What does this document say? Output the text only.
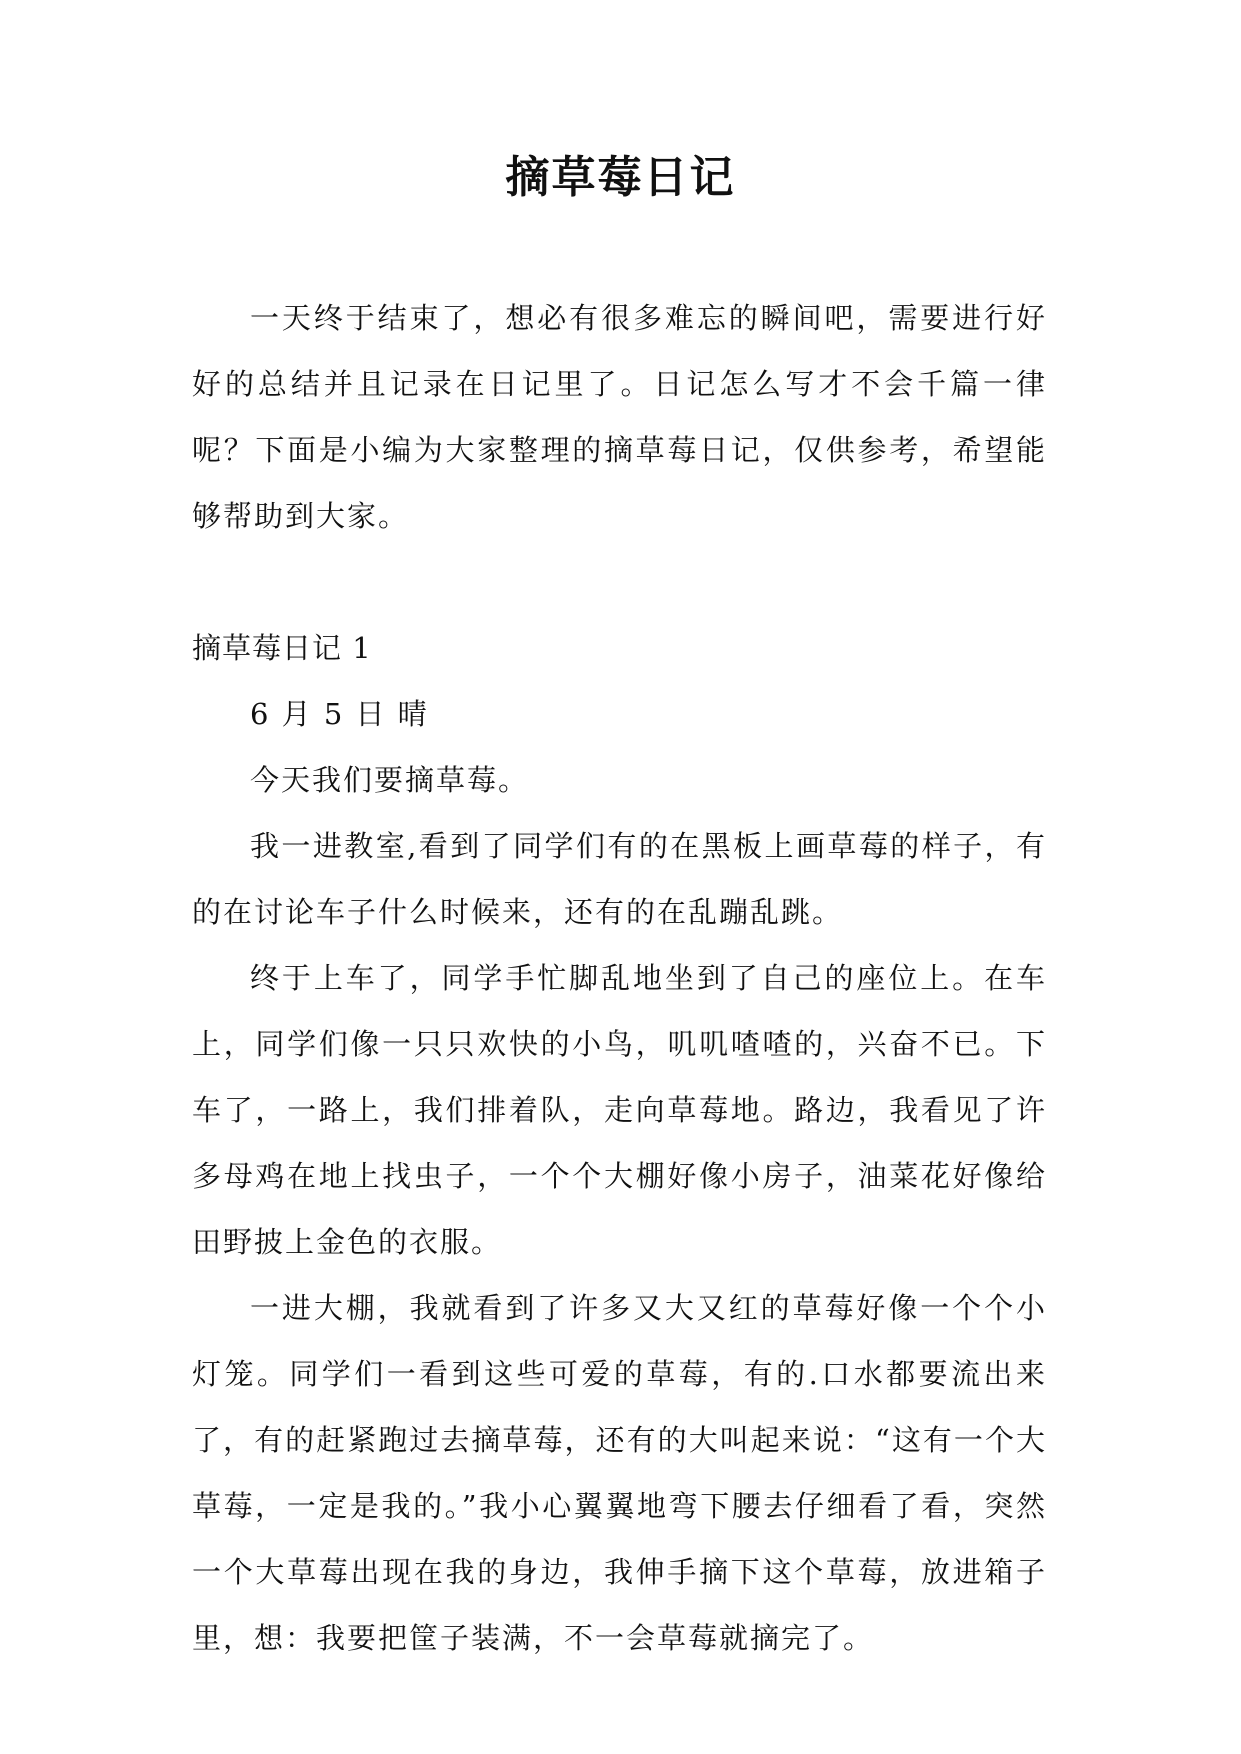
摘草莓日记

一天终于结束了，想必有很多难忘的瞬间吧，需要进行好好的总结并且记录在日记里了。日记怎么写才不会千篇一律呢？下面是小编为大家整理的摘草莓日记，仅供参考，希望能够帮助到大家。

摘草莓日记 1

6 月 5 日 晴

今天我们要摘草莓。

我一进教室,看到了同学们有的在黑板上画草莓的样子，有的在讨论车子什么时候来，还有的在乱蹦乱跳。

终于上车了，同学手忙脚乱地坐到了自己的座位上。在车上，同学们像一只只欢快的小鸟，叽叽喳喳的，兴奋不已。下车了，一路上，我们排着队，走向草莓地。路边，我看见了许多母鸡在地上找虫子，一个个大棚好像小房子，油菜花好像给田野披上金色的衣服。

一进大棚，我就看到了许多又大又红的草莓好像一个个小灯笼。同学们一看到这些可爱的草莓，有的.口水都要流出来了，有的赶紧跑过去摘草莓，还有的大叫起来说：“这有一个大草莓，一定是我的。”我小心翼翼地弯下腰去仔细看了看，突然一个大草莓出现在我的身边，我伸手摘下这个草莓，放进箱子里，想：我要把筐子装满，不一会草莓就摘完了。
